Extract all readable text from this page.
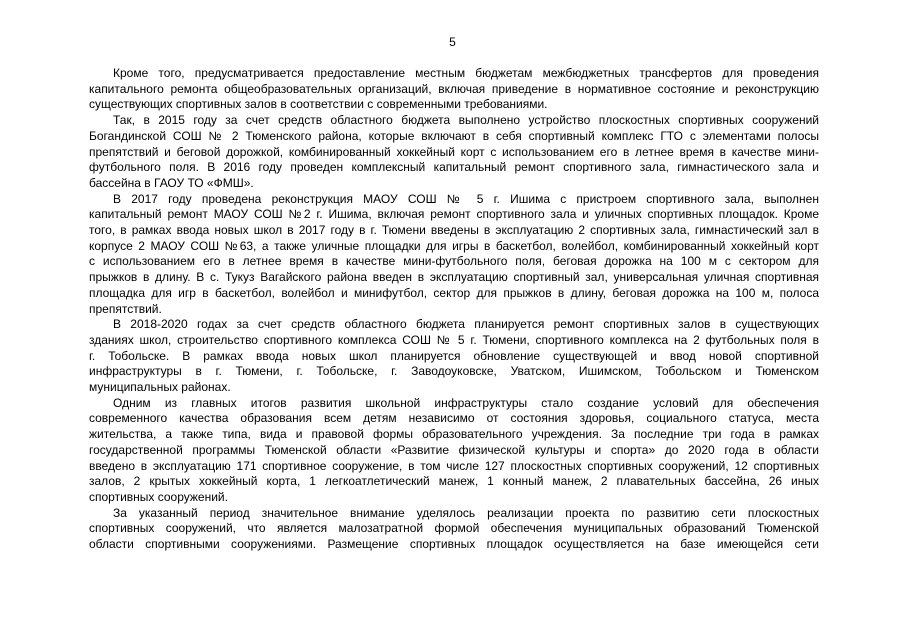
5
Кроме того, предусматривается предоставление местным бюджетам межбюджетных трансфертов для проведения
капитального ремонта общеобразовательных организаций, включая приведение в нормативное состояние и реконструкцию
существующих спортивных залов в соответствии с современными требованиями.
Так, в 2015 году за счет средств областного бюджета выполнено устройство плоскостных спортивных сооружений
Богандинской СОШ № 2 Тюменского района, которые включают в себя спортивный комплекс ГТО с элементами полосы
препятствий и беговой дорожкой, комбинированный хоккейный корт с использованием его в летнее время в качестве мини-
футбольного поля. В 2016 году проведен комплексный капитальный ремонт спортивного зала, гимнастического зала и
бассейна в ГАОУ ТО «ФМШ».
В 2017 году проведена реконструкция МАОУ СОШ № 5 г. Ишима с пристроем спортивного зала, выполнен
капитальный ремонт МАОУ СОШ №2 г. Ишима, включая ремонт спортивного зала и уличных спортивных площадок. Кроме
того, в рамках ввода новых школ в 2017 году в г. Тюмени введены в эксплуатацию 2 спортивных зала, гимнастический зал в
корпусе 2 МАОУ СОШ №63, а также уличные площадки для игры в баскетбол, волейбол, комбинированный хоккейный корт
с использованием его в летнее время в качестве мини-футбольного поля, беговая дорожка на 100 м с сектором для
прыжков в длину. В с. Тукуз Вагайского района введен в эксплуатацию спортивный зал, универсальная уличная спортивная
площадка для игр в баскетбол, волейбол и минифутбол, сектор для прыжков в длину, беговая дорожка на 100 м, полоса
препятствий.
В 2018-2020 годах за счет средств областного бюджета планируется ремонт спортивных залов в существующих
зданиях школ, строительство спортивного комплекса СОШ № 5 г. Тюмени, спортивного комплекса на 2 футбольных поля в
г. Тобольске. В рамках ввода новых школ планируется обновление существующей и ввод новой спортивной
инфраструктуры в г. Тюмени, г. Тобольске, г. Заводоуковске, Уватском, Ишимском, Тобольском и Тюменском
муниципальных районах.
Одним из главных итогов развития школьной инфраструктуры стало создание условий для обеспечения
современного качества образования всем детям независимо от состояния здоровья, социального статуса, места
жительства, а также типа, вида и правовой формы образовательного учреждения. За последние три года в рамках
государственной программы Тюменской области «Развитие физической культуры и спорта» до 2020 года в области
введено в эксплуатацию 171 спортивное сооружение, в том числе 127 плоскостных спортивных сооружений, 12 спортивных
залов, 2 крытых хоккейный корта, 1 легкоатлетический манеж, 1 конный манеж, 2 плавательных бассейна, 26 иных
спортивных сооружений.
За указанный период значительное внимание уделялось реализации проекта по развитию сети плоскостных
спортивных сооружений, что является малозатратной формой обеспечения муниципальных образований Тюменской
области спортивными сооружениями. Размещение спортивных площадок осуществляется на базе имеющейся сети
